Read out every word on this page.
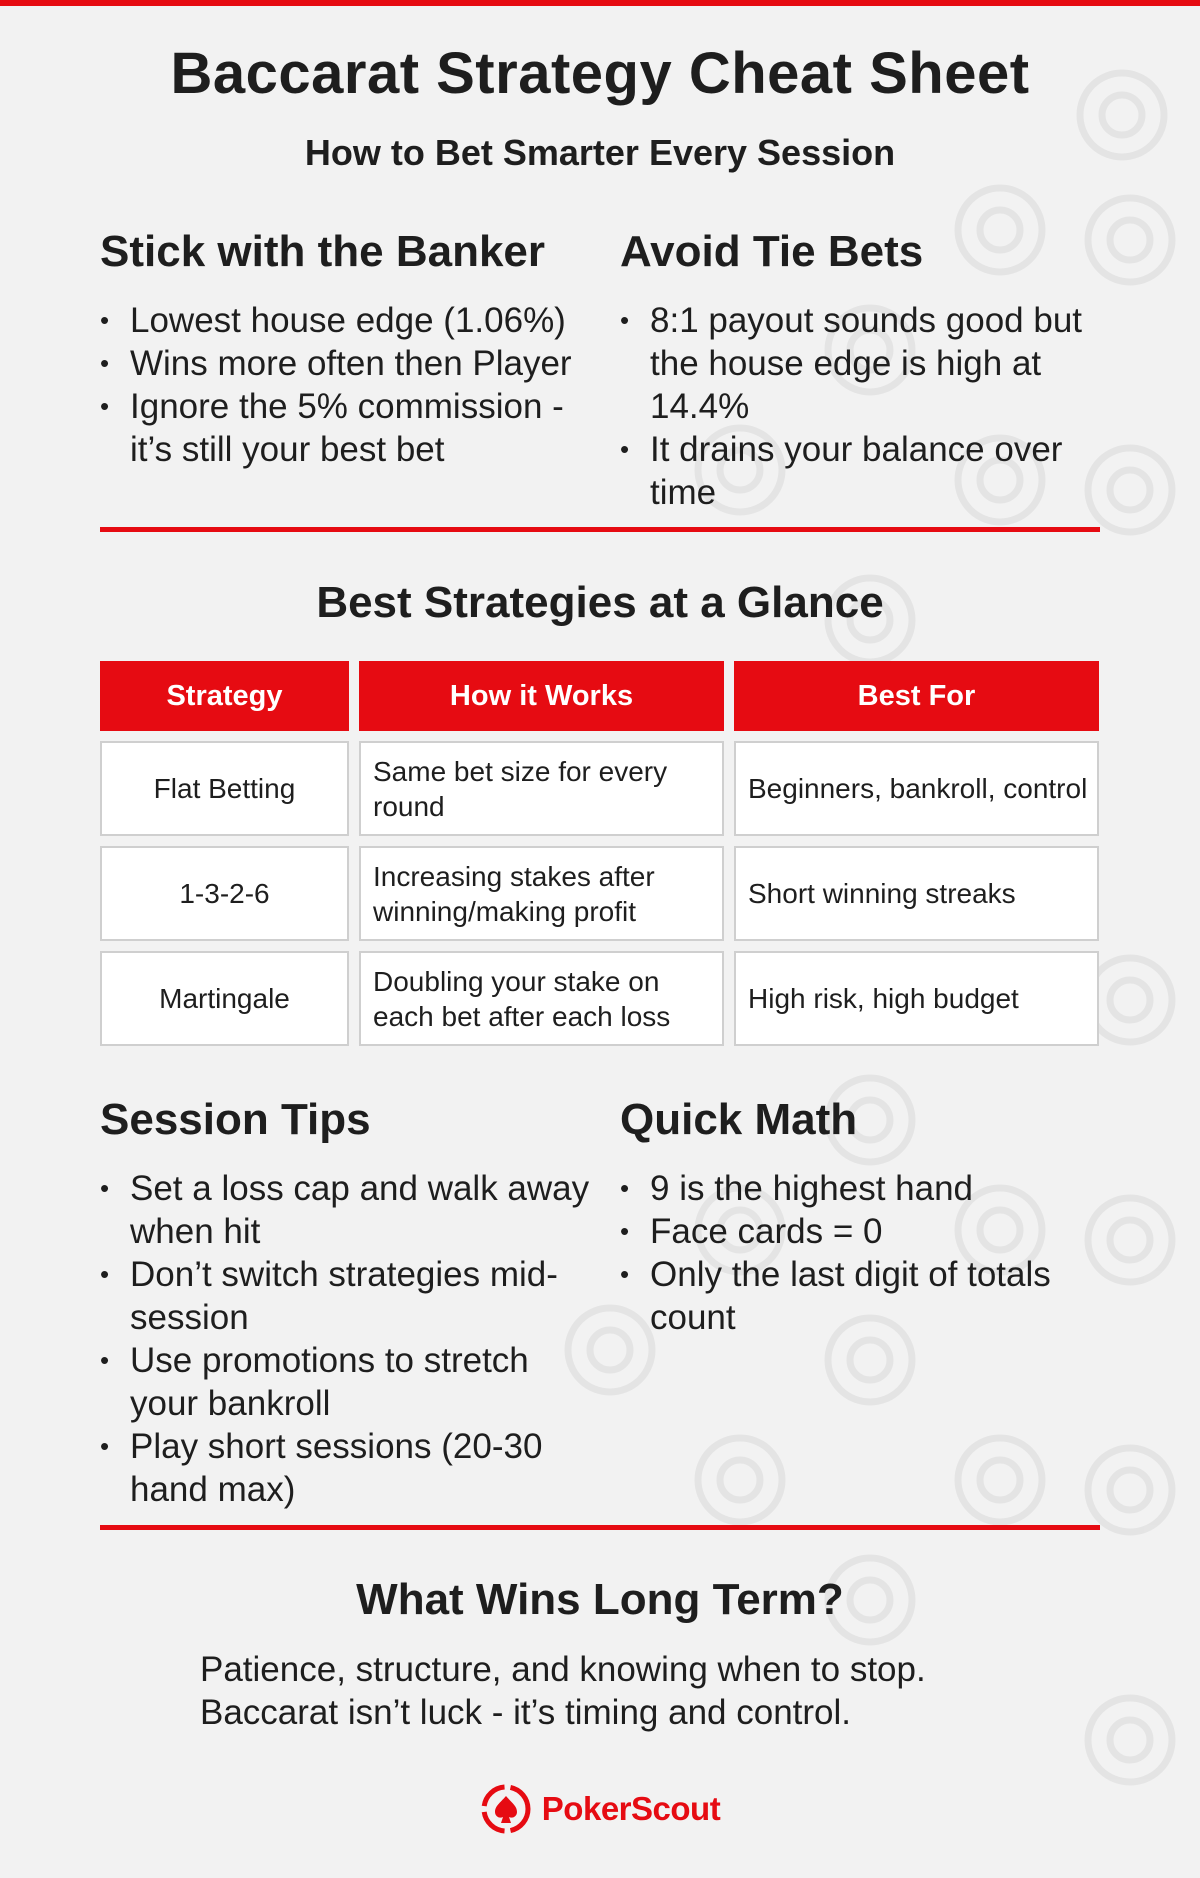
Baccarat Strategy Cheat Sheet
How to Bet Smarter Every Session
Stick with the Banker
• Lowest house edge (1.06%)
• Wins more often then Player
• Ignore the 5% commission - it’s still your best bet
Avoid Tie Bets
• 8:1 payout sounds good but the house edge is high at 14.4%
• It drains your balance over time
Best Strategies at a Glance
Strategy	How it Works	Best For
Flat Betting
Same bet size for every round
Beginners, bankroll, control
1-3-2-6
Increasing stakes after winning/making profit
Short winning streaks
Martingale
Doubling your stake on each bet after each loss
High risk, high budget
Session Tips
• Set a loss cap and walk away when hit
• Don’t switch strategies mid-session
• Use promotions to stretch your bankroll
• Play short sessions (20-30 hand max)
Quick Math
• 9 is the highest hand
• Face cards = 0
• Only the last digit of totals count
What Wins Long Term?

Patience, structure, and knowing when to stop.

Baccarat isn’t luck - it’s timing and control.

PokerScout
